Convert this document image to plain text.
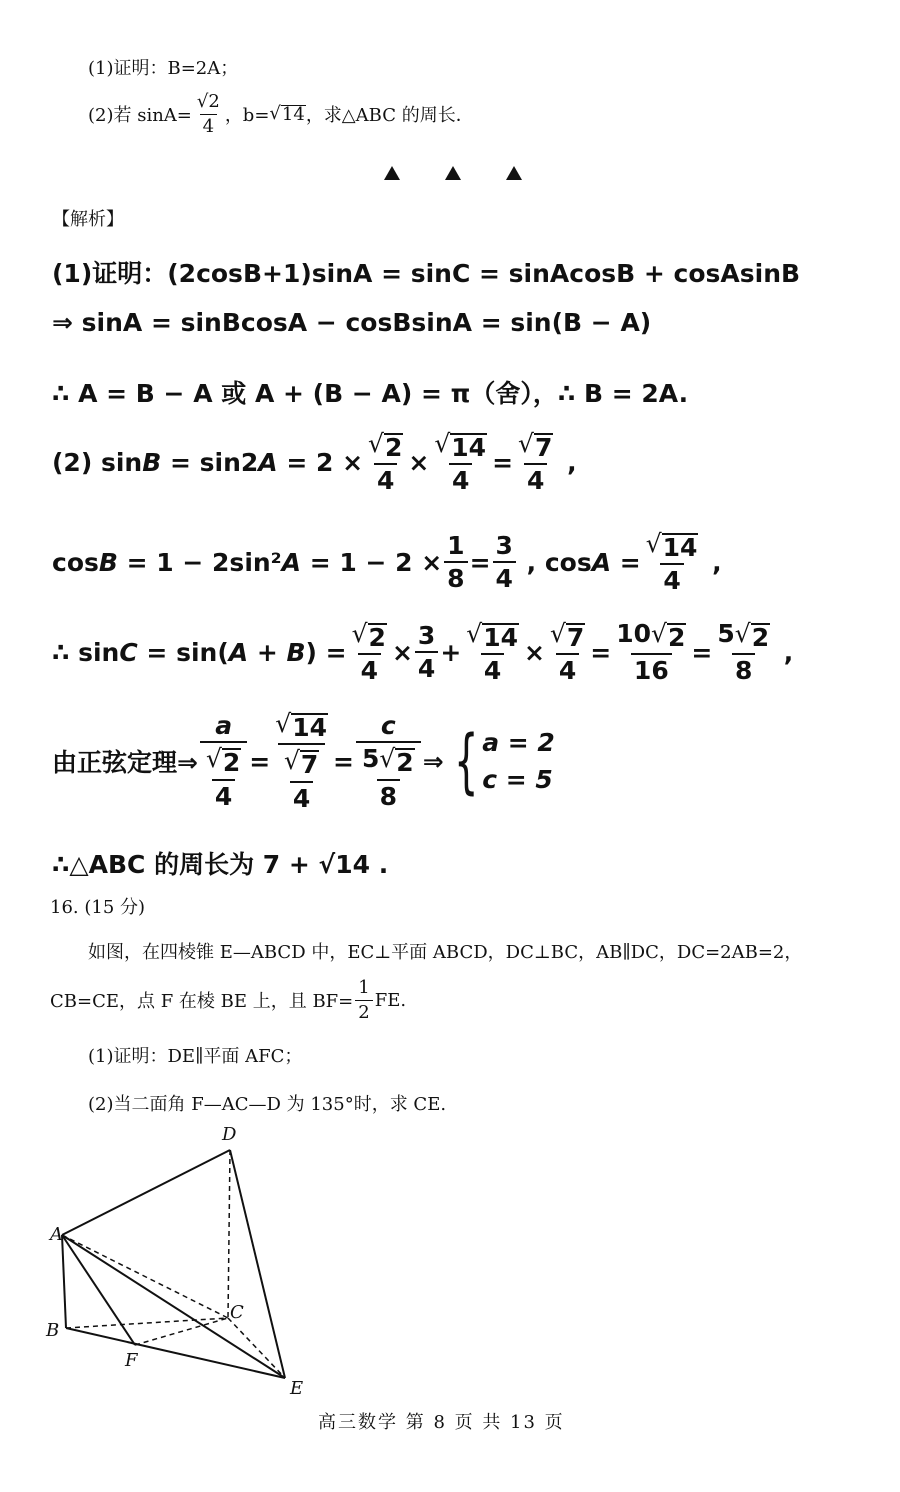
(1)证明：B=2A；
(2)若 $\sin A= \frac{√2}{4}$ ，b= √ 14 ，求△ABC 的周长．
【解析】
(1)证明：(2cosB+1)sinA = sinC = sinAcosB + cosAsinB
⇒ sinA = sinBcosA − cosBsinA = sin(B − A)
∴ A = B − A 或 A + (B − A) = π（舍），∴ B = 2A.
(2) $\sin B = \sin 2A = 2 \times \frac{√ 2}{4} \times \frac{√ 14}{4} = \frac{√ 7}{4}$ ,
$\cos B = 1 - 2\sin^2A = 1 - 2 \times \frac{1}{8} = \frac{3}{4}$ , $\cos A = \frac{√ 14}{4}$ ,
∴ $\sin C = \sin(A + B) = \frac{√ 2}{4} \times \frac{3}{4} + \frac{√ 14}{4} \times \frac{√ 7}{4} = \frac{10 √ 2}{16} = \frac{5 √ 2}{8}$ ,
由正弦定理⇒ $\frac{a}{\frac{√ 2}{4}} = \frac{√ 14}{\frac{√ 7}{4}} = \frac{c}{\frac{5 √ 2}{8}}$ ⇒ { a = 2
c = 5
∴△ABC 的周长为 7 + √14 .
16. (15 分)
如图，在四棱锥 E—ABCD 中，EC⊥平面 ABCD，DC⊥BC，AB∥DC，DC=2AB=2，
CB=CE，点 F 在棱 BE 上，且 $BF= \frac{1}{2}$ FE.
(1)证明：DE∥平面 AFC；
(2)当二面角 F—AC—D 为 135°时，求 CE.
D
A
B
C
F
E
高三数学 第 8 页 共 13 页
